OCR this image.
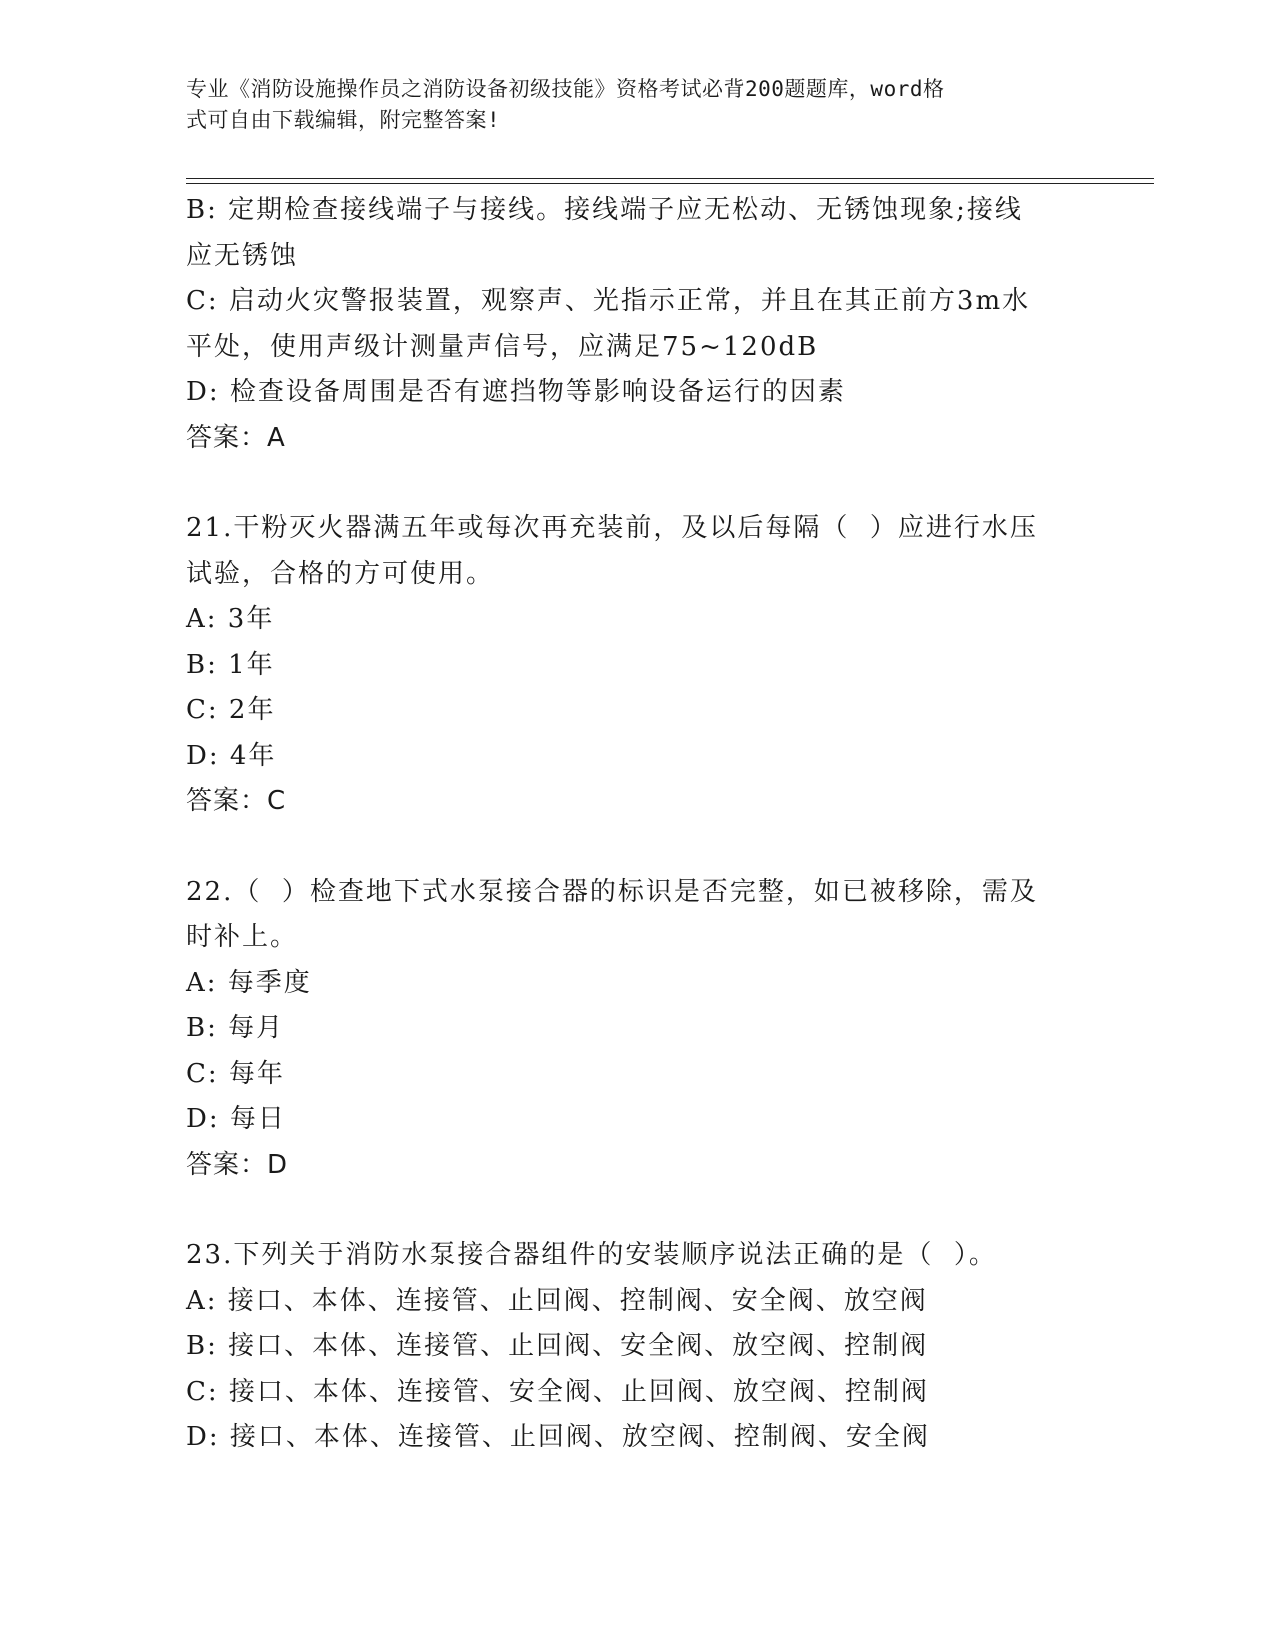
专业《消防设施操作员之消防设备初级技能》资格考试必背200题题库，word格
式可自由下载编辑，附完整答案!

B: 定期检查接线端子与接线。接线端子应无松动、无锈蚀现象;接线

应无锈蚀

C: 启动火灾警报装置，观察声、光指示正常，并且在其正前方3m水

平处，使用声级计测量声信号，应满足75~120dB

D: 检查设备周围是否有遮挡物等影响设备运行的因素

答案：A

21.干粉灭火器满五年或每次再充装前，及以后每隔（  ）应进行水压

试验，合格的方可使用。

A: 3年

B: 1年

C: 2年

D: 4年

答案：C

22.（  ）检查地下式水泵接合器的标识是否完整，如已被移除，需及

时补上。

A: 每季度

B: 每月

C: 每年

D: 每日

答案：D

23.下列关于消防水泵接合器组件的安装顺序说法正确的是（  ）。

A: 接口、本体、连接管、止回阀、控制阀、安全阀、放空阀

B: 接口、本体、连接管、止回阀、安全阀、放空阀、控制阀

C: 接口、本体、连接管、安全阀、止回阀、放空阀、控制阀

D: 接口、本体、连接管、止回阀、放空阀、控制阀、安全阀
